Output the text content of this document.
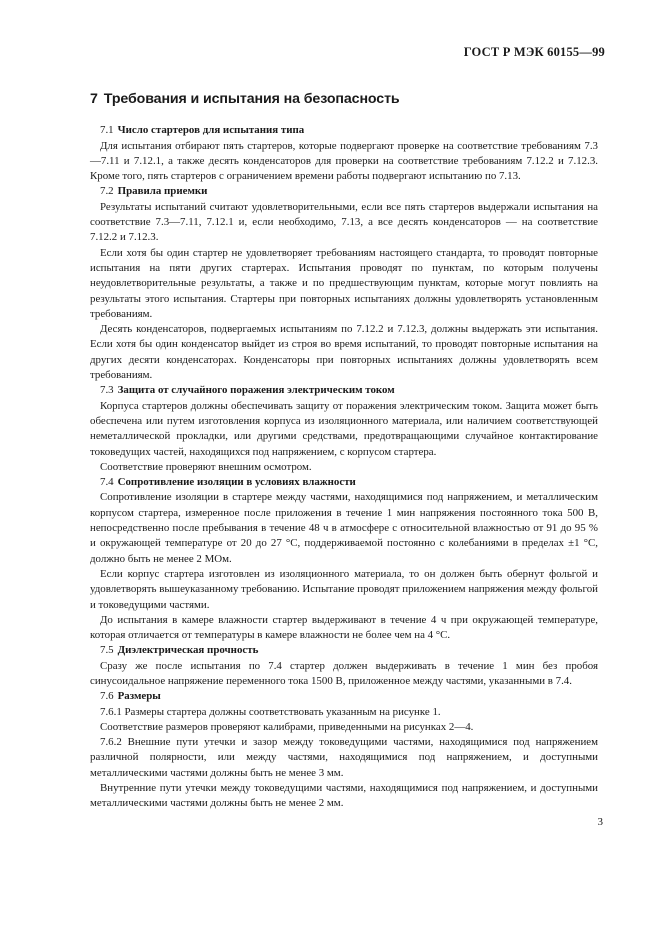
ГОСТ Р МЭК 60155—99
7 Требования и испытания на безопасность

7.1 Число стартеров для испытания типа

Для испытания отбирают пять стартеров, которые подвергают проверке на соответствие требованиям 7.3—7.11 и 7.12.1, а также десять конденсаторов для проверки на соответствие требованиям 7.12.2 и 7.12.3. Кроме того, пять стартеров с ограничением времени работы подвергают испытанию по 7.13.

7.2 Правила приемки

Результаты испытаний считают удовлетворительными, если все пять стартеров выдержали испытания на соответствие 7.3—7.11, 7.12.1 и, если необходимо, 7.13, а все десять конденсаторов — на соответствие 7.12.2 и 7.12.3.

Если хотя бы один стартер не удовлетворяет требованиям настоящего стандарта, то проводят повторные испытания на пяти других стартерах. Испытания проводят по пунктам, по которым получены неудовлетворительные результаты, а также и по предшествующим пунктам, которые могут повлиять на результаты этого испытания. Стартеры при повторных испытаниях должны удовлетворять установленным требованиям.

Десять конденсаторов, подвергаемых испытаниям по 7.12.2 и 7.12.3, должны выдержать эти испытания. Если хотя бы один конденсатор выйдет из строя во время испытаний, то проводят повторные испытания на других десяти конденсаторах. Конденсаторы при повторных испытаниях должны удовлетворять всем требованиям.

7.3 Защита от случайного поражения электрическим током

Корпуса стартеров должны обеспечивать защиту от поражения электрическим током. Защита может быть обеспечена или путем изготовления корпуса из изоляционного материала, или наличием соответствующей неметаллической прокладки, или другими средствами, предотвращающими случайное контактирование токоведущих частей, находящихся под напряжением, с корпусом стартера.

Соответствие проверяют внешним осмотром.

7.4 Сопротивление изоляции в условиях влажности

Сопротивление изоляции в стартере между частями, находящимися под напряжением, и металлическим корпусом стартера, измеренное после приложения в течение 1 мин напряжения постоянного тока 500 В, непосредственно после пребывания в течение 48 ч в атмосфере с относительной влажностью от 91 до 95 % и окружающей температуре от 20 до 27 °С, поддерживаемой постоянно с колебаниями в пределах ±1 °С, должно быть не менее 2 МОм.

Если корпус стартера изготовлен из изоляционного материала, то он должен быть обернут фольгой и удовлетворять вышеуказанному требованию. Испытание проводят приложением напряжения между фольгой и токоведущими частями.

До испытания в камере влажности стартер выдерживают в течение 4 ч при окружающей температуре, которая отличается от температуры в камере влажности не более чем на 4 °С.

7.5 Диэлектрическая прочность

Сразу же после испытания по 7.4 стартер должен выдерживать в течение 1 мин без пробоя синусоидальное напряжение переменного тока 1500 В, приложенное между частями, указанными в 7.4.

7.6 Размеры

7.6.1 Размеры стартера должны соответствовать указанным на рисунке 1.

Соответствие размеров проверяют калибрами, приведенными на рисунках 2—4.

7.6.2 Внешние пути утечки и зазор между токоведущими частями, находящимися под напряжением различной полярности, или между частями, находящимися под напряжением, и доступными металлическими частями должны быть не менее 3 мм.

Внутренние пути утечки между токоведущими частями, находящимися под напряжением, и доступными металлическими частями должны быть не менее 2 мм.

3
